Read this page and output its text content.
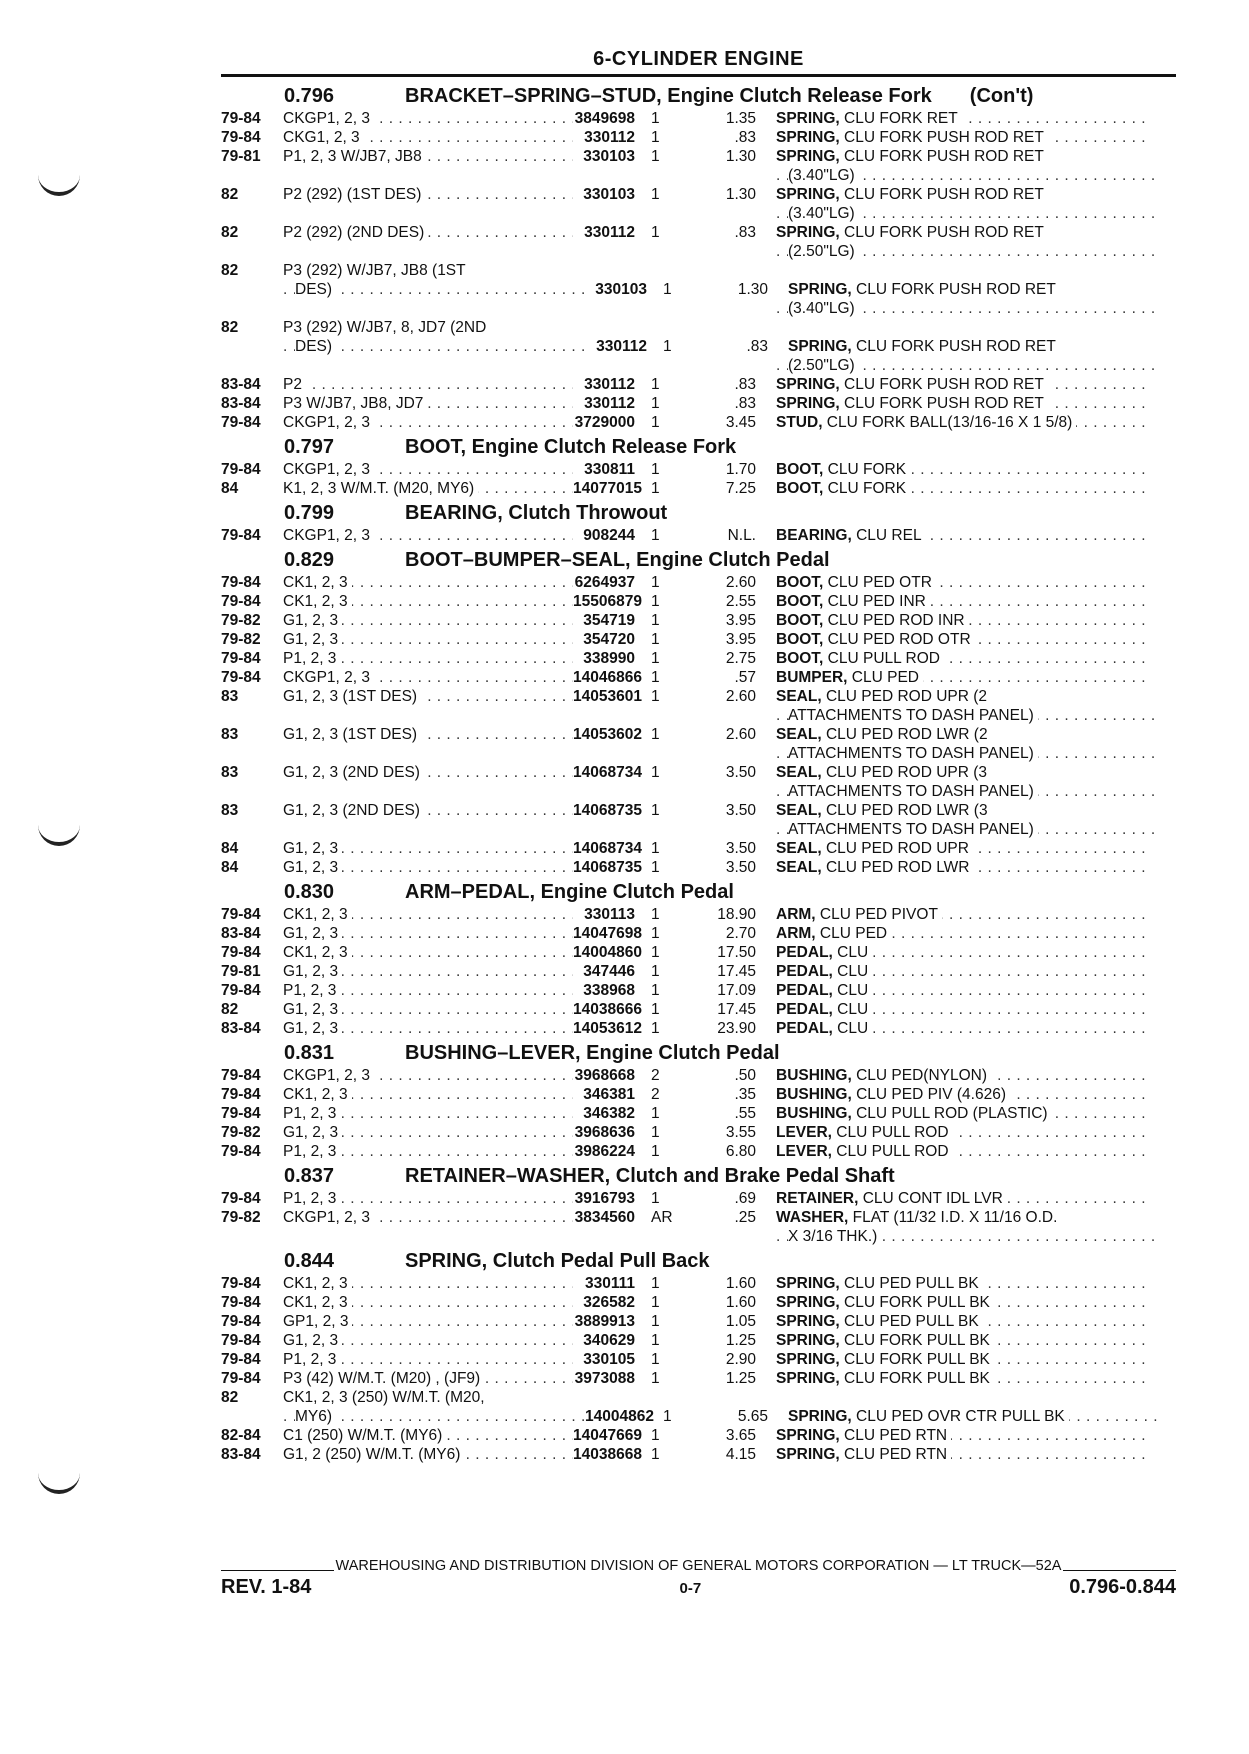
6-CYLINDER ENGINE
0.796	BRACKET–SPRING–STUD, Engine Clutch Release Fork (Con't)
79-84	CKGP1, 2, 3 . . .	3849698	1	1.35 SPRING, CLU FORK RET . . .
79-84	CKG1, 2, 3 . . .	330112	1	.83 SPRING, CLU FORK PUSH ROD RET . . .
79-81	P1, 2, 3 W/JB7, JB8 . . .	330103	1	1.30 SPRING, CLU FORK PUSH ROD RET
(3.40"LG) . . .
82	P2 (292) (1ST DES) . . .	330103	1	1.30 SPRING, CLU FORK PUSH ROD RET
(3.40"LG) . . .
82	P2 (292) (2ND DES) . . .	330112	1	.83 SPRING, CLU FORK PUSH ROD RET
(2.50"LG) . . .
82	P3 (292) W/JB7, JB8 (1ST
DES) . . .	330103	1	1.30 SPRING, CLU FORK PUSH ROD RET
(3.40"LG) . . .
82	P3 (292) W/JB7, 8, JD7 (2ND
DES) . . .	330112	1	.83 SPRING, CLU FORK PUSH ROD RET
(2.50"LG) . . .
83-84	P2 . . .	330112	1	.83 SPRING, CLU FORK PUSH ROD RET . . .
83-84	P3 W/JB7, JB8, JD7 . . .	330112	1	.83 SPRING, CLU FORK PUSH ROD RET . . .
79-84	CKGP1, 2, 3 . . .	3729000	1	3.45 STUD, CLU FORK BALL(13/16-16 X 1 5/8) . . .
0.797	BOOT, Engine Clutch Release Fork
79-84	CKGP1, 2, 3 . . .	330811	1	1.70 BOOT, CLU FORK . . .
84	K1, 2, 3 W/M.T. (M20, MY6) . . .	14077015 1	7.25 BOOT, CLU FORK . . .
0.799	BEARING, Clutch Throwout
79-84	CKGP1, 2, 3 . . .	908244	1	N.L. BEARING, CLU REL . . .
0.829	BOOT–BUMPER–SEAL, Engine Clutch Pedal
79-84	CK1, 2, 3 . . .	6264937	1	2.60 BOOT, CLU PED OTR . . .
79-84	CK1, 2, 3 . . .	15506879 1	2.55 BOOT, CLU PED INR . . .
79-82	G1, 2, 3 . . .	354719	1	3.95 BOOT, CLU PED ROD INR . . .
79-82	G1, 2, 3 . . .	354720	1	3.95 BOOT, CLU PED ROD OTR . . .
79-84	P1, 2, 3 . . .	338990	1	2.75 BOOT, CLU PULL ROD . . .
79-84	CKGP1, 2, 3 . . .	14046866 1	.57 BUMPER, CLU PED . . .
83	G1, 2, 3 (1ST DES) . . .	14053601 1	2.60 SEAL, CLU PED ROD UPR (2
ATTACHMENTS TO DASH PANEL) . . .
83	G1, 2, 3 (1ST DES) . . .	14053602 1	2.60 SEAL, CLU PED ROD LWR (2
ATTACHMENTS TO DASH PANEL) . . .
83	G1, 2, 3 (2ND DES) . . .	14068734 1	3.50 SEAL, CLU PED ROD UPR (3
ATTACHMENTS TO DASH PANEL) . . .
83	G1, 2, 3 (2ND DES) . . .	14068735 1	3.50 SEAL, CLU PED ROD LWR (3
ATTACHMENTS TO DASH PANEL) . . .
84	G1, 2, 3 . . .	14068734 1	3.50 SEAL, CLU PED ROD UPR . . .
84	G1, 2, 3 . . .	14068735 1	3.50 SEAL, CLU PED ROD LWR . . .
0.830	ARM–PEDAL, Engine Clutch Pedal
79-84	CK1, 2, 3 . . .	330113	1	18.90 ARM, CLU PED PIVOT . . .
83-84	G1, 2, 3 . . .	14047698 1	2.70 ARM, CLU PED . . .
79-84	CK1, 2, 3 . . .	14004860 1	17.50 PEDAL, CLU . . .
79-81	G1, 2, 3 . . .	347446	1	17.45 PEDAL, CLU . . .
79-84	P1, 2, 3 . . .	338968	1	17.09 PEDAL, CLU . . .
82	G1, 2, 3 . . .	14038666 1	17.45 PEDAL, CLU . . .
83-84	G1, 2, 3 . . .	14053612 1	23.90 PEDAL, CLU . . .
0.831	BUSHING–LEVER, Engine Clutch Pedal
79-84	CKGP1, 2, 3 . . .	3968668	2	.50 BUSHING, CLU PED(NYLON) . . .
79-84	CK1, 2, 3 . . .	346381	2	.35 BUSHING, CLU PED PIV (4.626) . . .
79-84	P1, 2, 3 . . .	346382	1	.55 BUSHING, CLU PULL ROD (PLASTIC) . . .
79-82	G1, 2, 3 . . .	3968636	1	3.55 LEVER, CLU PULL ROD . . .
79-84	P1, 2, 3 . . .	3986224	1	6.80 LEVER, CLU PULL ROD . . .
0.837	RETAINER–WASHER, Clutch and Brake Pedal Shaft
79-84	P1, 2, 3 . . .	3916793	1	.69 RETAINER, CLU CONT IDL LVR . . .
79-82	CKGP1, 2, 3 . . .	3834560	AR	.25 WASHER, FLAT (11/32 I.D. X 11/16 O.D.
X 3/16 THK.) . . .
0.844	SPRING, Clutch Pedal Pull Back
79-84	CK1, 2, 3 . . .	330111	1	1.60 SPRING, CLU PED PULL BK . . .
79-84	CK1, 2, 3 . . .	326582	1	1.60 SPRING, CLU FORK PULL BK . . .
79-84	GP1, 2, 3 . . .	3889913	1	1.05 SPRING, CLU PED PULL BK . . .
79-84	G1, 2, 3 . . .	340629	1	1.25 SPRING, CLU FORK PULL BK . . .
79-84	P1, 2, 3 . . .	330105	1	2.90 SPRING, CLU FORK PULL BK . . .
79-84	P3 (42) W/M.T. (M20) , (JF9) . . .	3973088	1	1.25 SPRING, CLU FORK PULL BK . . .
82	CK1, 2, 3 (250) W/M.T. (M20,
MY6) . . .	14004862 1	5.65 SPRING, CLU PED OVR CTR PULL BK . . .
82-84	C1 (250) W/M.T. (MY6) . . .	14047669 1	3.65 SPRING, CLU PED RTN . . .
83-84	G1, 2 (250) W/M.T. (MY6) . . .	14038668 1	4.15 SPRING, CLU PED RTN . . .
WAREHOUSING AND DISTRIBUTION DIVISION OF GENERAL MOTORS CORPORATION — LT TRUCK—52A
REV. 1-84	0-7	0.796-0.844
